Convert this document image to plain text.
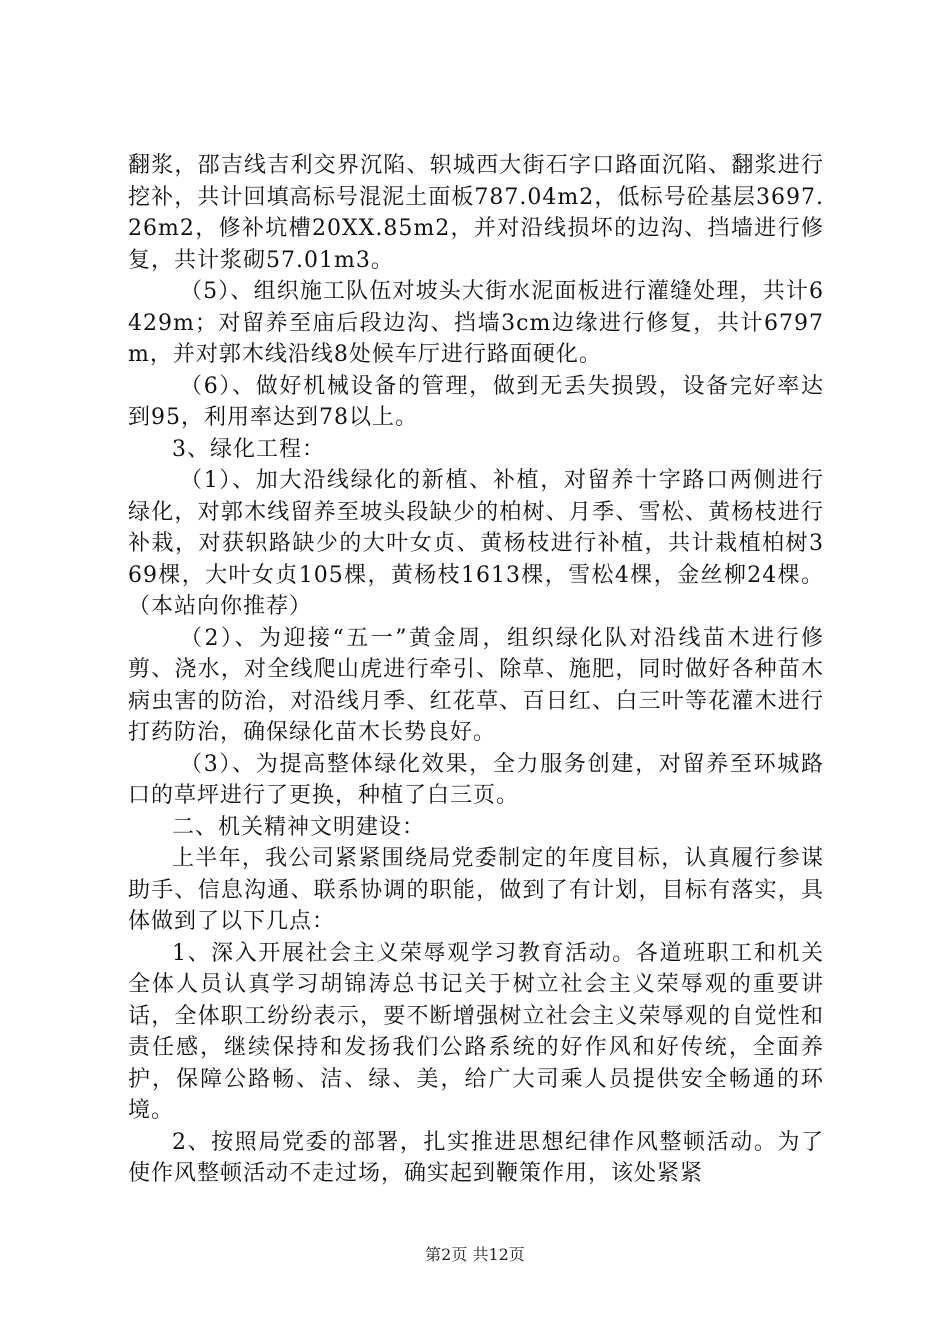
翻浆，邵吉线吉利交界沉陷、轵城西大街石字口路面沉陷、翻浆进行挖补，共计回填高标号混泥土面板787.04m2，低标号砼基层3697.26m2，修补坑槽20XX.85m2，并对沿线损坏的边沟、挡墙进行修复，共计浆砌57.01m3。

（5）、组织施工队伍对坡头大街水泥面板进行灌缝处理，共计6429m；对留养至庙后段边沟、挡墙3cm边缘进行修复，共计6797m，并对郭木线沿线8处候车厅进行路面硬化。

（6）、做好机械设备的管理，做到无丢失损毁，设备完好率达到95，利用率达到78以上。

3、绿化工程：

（1）、加大沿线绿化的新植、补植，对留养十字路口两侧进行绿化，对郭木线留养至坡头段缺少的柏树、月季、雪松、黄杨枝进行补栽，对获轵路缺少的大叶女贞、黄杨枝进行补植，共计栽植柏树369棵，大叶女贞105棵，黄杨枝1613棵，雪松4棵，金丝柳24棵。（本站向你推荐）

（2）、为迎接“五一”黄金周，组织绿化队对沿线苗木进行修剪、浇水，对全线爬山虎进行牵引、除草、施肥，同时做好各种苗木病虫害的防治，对沿线月季、红花草、百日红、白三叶等花灌木进行打药防治，确保绿化苗木长势良好。

（3）、为提高整体绿化效果，全力服务创建，对留养至环城路口的草坪进行了更换，种植了白三页。

二、机关精神文明建设：

上半年，我公司紧紧围绕局党委制定的年度目标，认真履行参谋助手、信息沟通、联系协调的职能，做到了有计划，目标有落实，具体做到了以下几点：

1、深入开展社会主义荣辱观学习教育活动。各道班职工和机关全体人员认真学习胡锦涛总书记关于树立社会主义荣辱观的重要讲话，全体职工纷纷表示，要不断增强树立社会主义荣辱观的自觉性和责任感，继续保持和发扬我们公路系统的好作风和好传统，全面养护，保障公路畅、洁、绿、美，给广大司乘人员提供安全畅通的环境。

2、按照局党委的部署，扎实推进思想纪律作风整顿活动。为了使作风整顿活动不走过场，确实起到鞭策作用，该处紧紧

第2页 共12页
